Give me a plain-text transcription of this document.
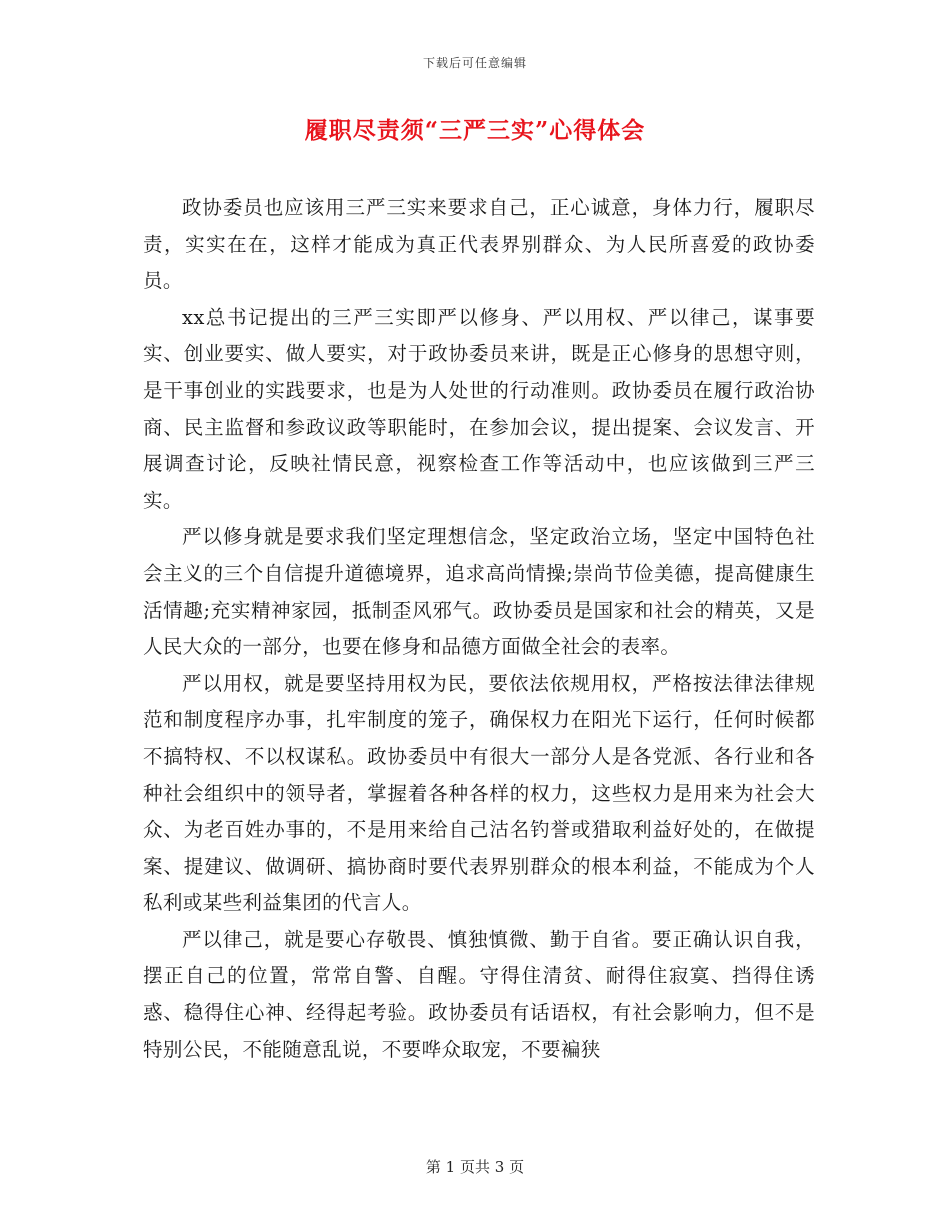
下载后可任意编辑
履职尽责须“三严三实”心得体会

政协委员也应该用三严三实来要求自己，正心诚意，身体力行，履职尽责，实实在在，这样才能成为真正代表界别群众、为人民所喜爱的政协委员。

xx总书记提出的三严三实即严以修身、严以用权、严以律己，谋事要实、创业要实、做人要实，对于政协委员来讲，既是正心修身的思想守则，是干事创业的实践要求，也是为人处世的行动准则。政协委员在履行政治协商、民主监督和参政议政等职能时，在参加会议，提出提案、会议发言、开展调查讨论，反映社情民意，视察检查工作等活动中，也应该做到三严三实。

严以修身就是要求我们坚定理想信念，坚定政治立场，坚定中国特色社会主义的三个自信提升道德境界，追求高尚情操;崇尚节俭美德，提高健康生活情趣;充实精神家园，抵制歪风邪气。政协委员是国家和社会的精英，又是人民大众的一部分，也要在修身和品德方面做全社会的表率。

严以用权，就是要坚持用权为民，要依法依规用权，严格按法律法律规范和制度程序办事，扎牢制度的笼子，确保权力在阳光下运行，任何时候都不搞特权、不以权谋私。政协委员中有很大一部分人是各党派、各行业和各种社会组织中的领导者，掌握着各种各样的权力，这些权力是用来为社会大众、为老百姓办事的，不是用来给自己沽名钓誉或猎取利益好处的，在做提案、提建议、做调研、搞协商时要代表界别群众的根本利益，不能成为个人私利或某些利益集团的代言人。

严以律己，就是要心存敬畏、慎独慎微、勤于自省。要正确认识自我，摆正自己的位置，常常自警、自醒。守得住清贫、耐得住寂寞、挡得住诱惑、稳得住心神、经得起考验。政协委员有话语权，有社会影响力，但不是特别公民，不能随意乱说，不要哗众取宠，不要褊狭

第 1 页共 3 页
